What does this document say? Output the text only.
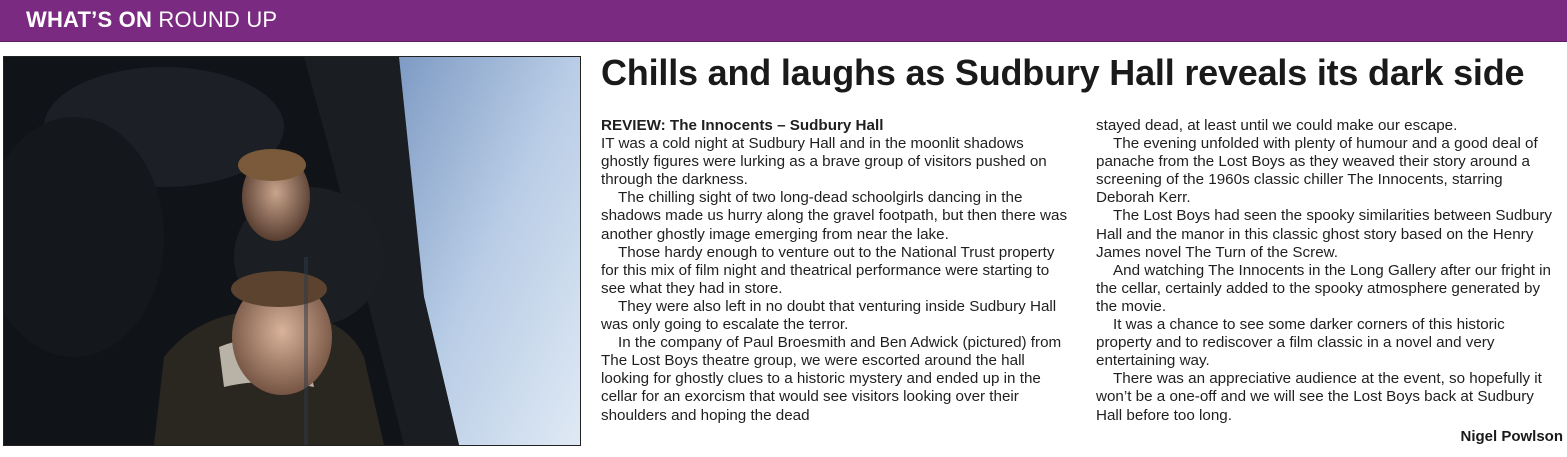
WHAT’S ON ROUND UP
Chills and laughs as Sudbury Hall reveals its dark side
REVIEW: The Innocents – Sudbury Hall

IT was a cold night at Sudbury Hall and in the moonlit shadows ghostly figures were lurking as a brave group of visitors pushed on through the darkness.

The chilling sight of two long-dead schoolgirls dancing in the shadows made us hurry along the gravel footpath, but then there was another ghostly image emerging from near the lake.

Those hardy enough to venture out to the National Trust property for this mix of film night and theatrical performance were starting to see what they had in store.

They were also left in no doubt that venturing inside Sudbury Hall was only going to escalate the terror.

In the company of Paul Broesmith and Ben Adwick (pictured) from The Lost Boys theatre group, we were escorted around the hall looking for ghostly clues to a historic mystery and ended up in the cellar for an exorcism that would see visitors looking over their shoulders and hoping the dead

stayed dead, at least until we could make our escape.

The evening unfolded with plenty of humour and a good deal of panache from the Lost Boys as they weaved their story around a screening of the 1960s classic chiller The Innocents, starring Deborah Kerr.

The Lost Boys had seen the spooky similarities between Sudbury Hall and the manor in this classic ghost story based on the Henry James novel The Turn of the Screw.

And watching The Innocents in the Long Gallery after our fright in the cellar, certainly added to the spooky atmosphere generated by the movie.

It was a chance to see some darker corners of this historic property and to rediscover a film classic in a novel and very entertaining way.

There was an appreciative audience at the event, so hopefully it won’t be a one-off and we will see the Lost Boys back at Sudbury Hall before too long.

Nigel Powlson
